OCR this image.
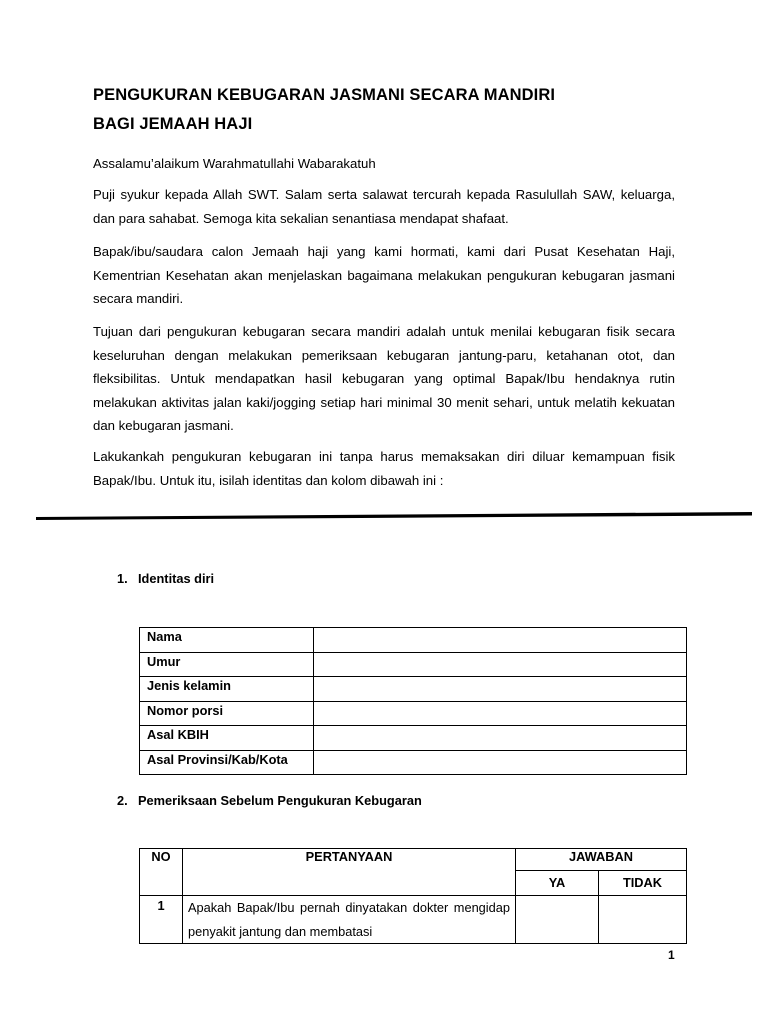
PENGUKURAN KEBUGARAN JASMANI SECARA MANDIRI
BAGI JEMAAH HAJI
Assalamu’alaikum Warahmatullahi Wabarakatuh
Puji syukur kepada Allah SWT. Salam serta salawat tercurah kepada Rasulullah SAW, keluarga, dan para sahabat. Semoga kita sekalian senantiasa mendapat shafaat.
Bapak/ibu/saudara calon Jemaah haji yang kami hormati, kami dari Pusat Kesehatan Haji, Kementrian Kesehatan akan menjelaskan bagaimana melakukan pengukuran kebugaran jasmani secara mandiri.
Tujuan dari pengukuran kebugaran secara mandiri adalah untuk menilai kebugaran fisik secara keseluruhan dengan melakukan pemeriksaan kebugaran jantung-paru, ketahanan otot, dan fleksibilitas. Untuk mendapatkan hasil kebugaran yang optimal Bapak/Ibu hendaknya rutin melakukan aktivitas jalan kaki/jogging setiap hari minimal 30 menit sehari, untuk melatih kekuatan dan kebugaran jasmani.
Lakukankah pengukuran kebugaran ini tanpa harus memaksakan diri diluar kemampuan fisik Bapak/Ibu. Untuk itu, isilah identitas dan kolom dibawah ini :
1. Identitas diri
Nama	
Umur	
Jenis kelamin	
Nomor porsi	
Asal KBIH	
Asal Provinsi/Kab/Kota	
2. Pemeriksaan Sebelum Pengukuran Kebugaran
NO	PERTANYAAN	JAWABAN	
		YA	TIDAK
1	Apakah Bapak/Ibu pernah dinyatakan dokter mengidap penyakit jantung dan membatasi		
1
